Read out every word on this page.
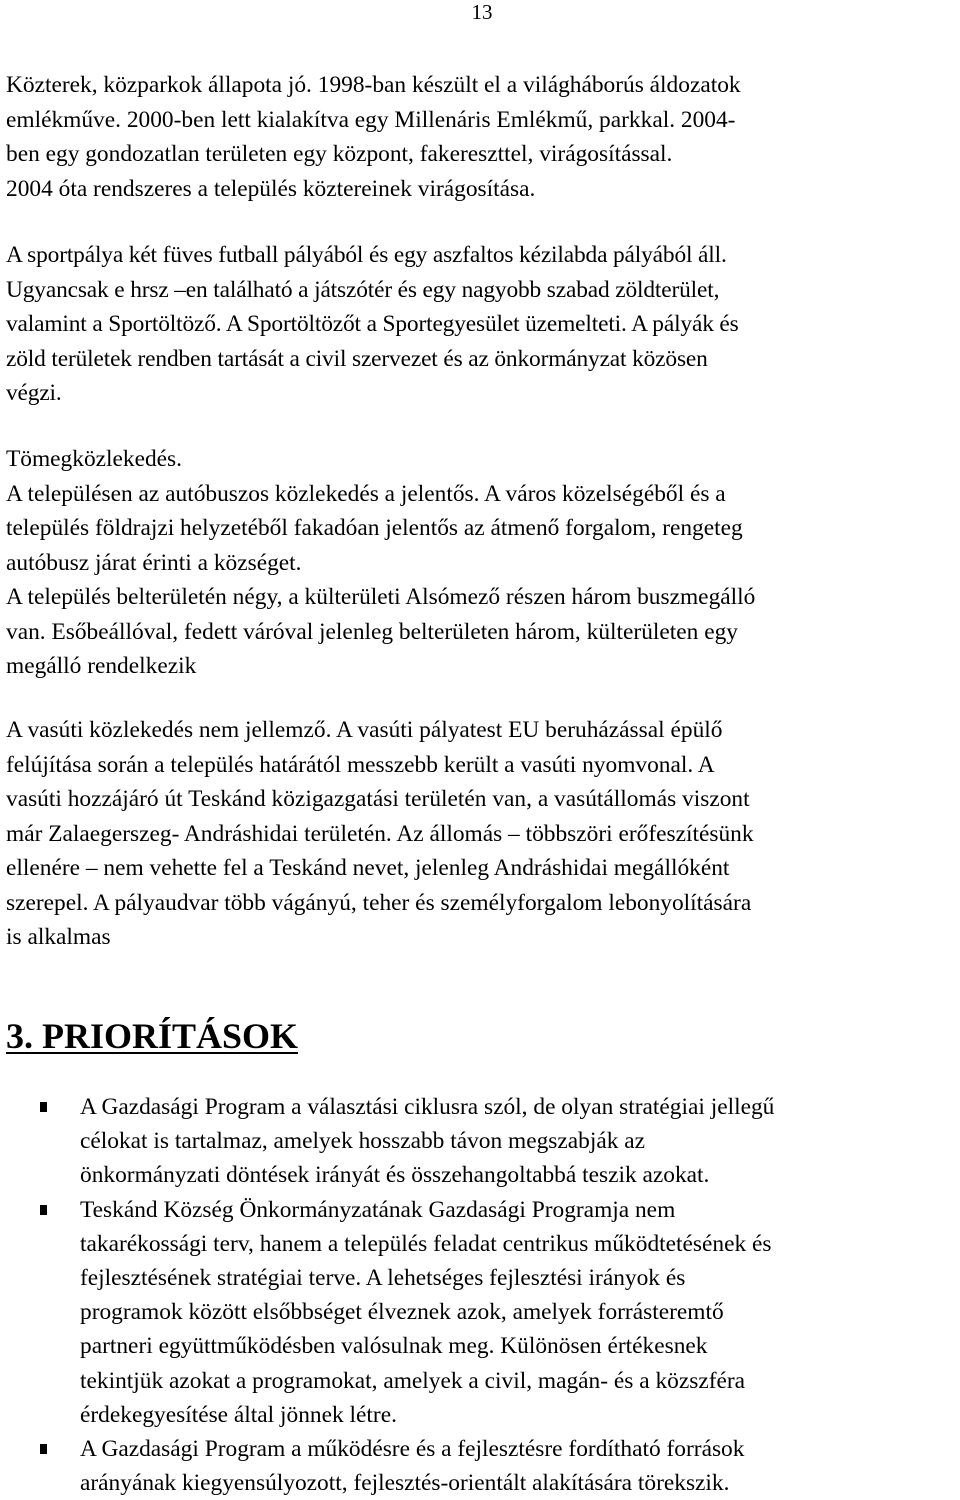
13

Közterek, közparkok állapota jó. 1998-ban készült el a világháborús áldozatok
emlékműve. 2000-ben lett kialakítva egy Millenáris Emlékmű, parkkal. 2004-
ben egy gondozatlan területen egy központ, fakereszttel, virágosítással.
2004 óta rendszeres a település köztereinek virágosítása.

A sportpálya két füves futball pályából és egy aszfaltos kézilabda pályából áll.
Ugyancsak e hrsz –en található a játszótér és egy nagyobb szabad zöldterület,
valamint a Sportöltöző. A Sportöltözőt a Sportegyesület üzemelteti. A pályák és
zöld területek rendben tartását a civil szervezet és az önkormányzat közösen
végzi.

Tömegközlekedés.
A településen az autóbuszos közlekedés a jelentős. A város közelségéből és a
település földrajzi helyzetéből fakadóan jelentős az átmenő forgalom, rengeteg
autóbusz járat érinti a községet.
A település belterületén négy, a külterületi Alsómező részen három buszmegálló
van. Esőbeállóval, fedett váróval jelenleg belterületen három, külterületen egy
megálló rendelkezik

A vasúti közlekedés nem jellemző. A vasúti pályatest EU beruházással épülő
felújítása során a település határától messzebb került a vasúti nyomvonal. A
vasúti hozzájáró út Teskánd közigazgatási területén van, a vasútállomás viszont
már Zalaegerszeg- Andráshidai területén. Az állomás – többszöri erőfeszítésünk
ellenére – nem vehette fel a Teskánd nevet, jelenleg Andráshidai megállóként
szerepel. A pályaudvar több vágányú, teher és személyforgalom lebonyolítására
is alkalmas

3. PRIORÍTÁSOK
A Gazdasági Program a választási ciklusra szól, de olyan stratégiai jellegű
célokat is tartalmaz, amelyek hosszabb távon megszabják az
önkormányzati döntések irányát és összehangoltabbá teszik azokat.
Teskánd Község Önkormányzatának Gazdasági Programja nem
takarékossági terv, hanem a település feladat centrikus működtetésének és
fejlesztésének stratégiai terve. A lehetséges fejlesztési irányok és
programok között elsőbbséget élveznek azok, amelyek forrásteremtő
partneri együttműködésben valósulnak meg. Különösen értékesnek
tekintjük azokat a programokat, amelyek a civil, magán- és a közszféra
érdekegyesítése által jönnek létre.
A Gazdasági Program a működésre és a fejlesztésre fordítható források
arányának kiegyensúlyozott, fejlesztés-orientált alakítására törekszik.
